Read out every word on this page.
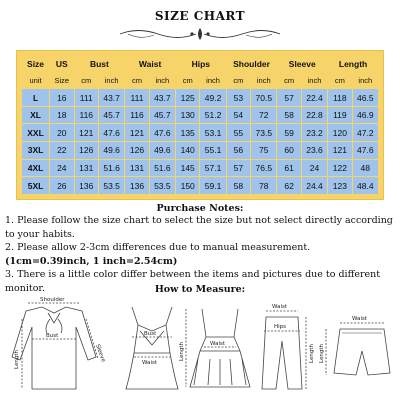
SIZE CHART
Size	US	Bust		Waist		Hips		Shoulder		Sleeve		Length	
unit	Size	cm	inch	cm	inch	cm	inch	cm	inch	cm	inch	cm	inch
L	16	111	43.7	111	43.7	125	49.2	53	70.5	57	22.4	118	46.5
XL	18	116	45.7	116	45.7	130	51.2	54	72	58	22.8	119	46.9
XXL	20	121	47.6	121	47.6	135	53.1	55	73.5	59	23.2	120	47.2
3XL	22	126	49.6	126	49.6	140	55.1	56	75	60	23.6	121	47.6
4XL	24	131	51.6	131	51.6	145	57.1	57	76.5	61	24	122	48
5XL	26	136	53.5	136	53.5	150	59.1	58	78	62	24.4	123	48.4
Purchase Notes:

1. Please follow the size chart to select the size but not select directly according to your habits.

2. Please allow 2-3cm differences due to manual measurement. (1cm=0.39inch, 1 inch=2.54cm)

3. There is a little color differ between the items and pictures due to different monitor.	How to Measure:
Shoulder
Bust
Length	Sleeve
Bust
Waist
Waist
Length
Waist
Hips
Length
Waist
Length
